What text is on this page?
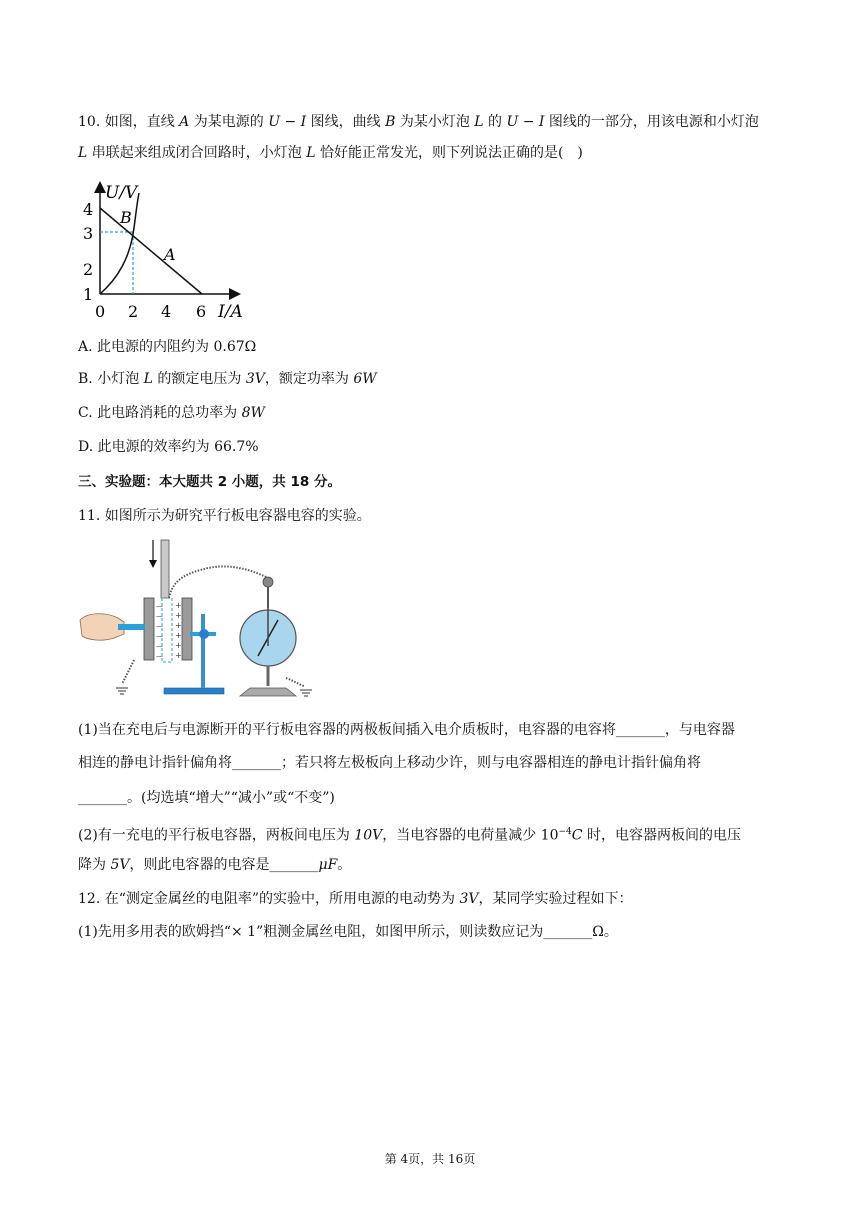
10. 如图，直线 A 为某电源的 U − I 图线，曲线 B 为某小灯泡 L 的 U − I 图线的一部分，用该电源和小灯泡
L 串联起来组成闭合回路时，小灯泡 L 恰好能正常发光，则下列说法正确的是(　)
U/V
I/A
B
A
4
3
2
1
0 2 4 6
A. 此电源的内阻约为 0.67Ω
B. 小灯泡 L 的额定电压为 3V，额定功率为 6W
C. 此电路消耗的总功率为 8W
D. 此电源的效率约为 66.7%
三、实验题：本大题共 2 小题，共 18 分。
11. 如图所示为研究平行板电容器电容的实验。
—
—
—
—
—
—
+
+
+
+
+
+
(1)当在充电后与电源断开的平行板电容器的两极板间插入电介质板时，电容器的电容将_______，与电容器
相连的静电计指针偏角将_______；若只将左极板向上移动少许，则与电容器相连的静电计指针偏角将
_______。(均选填“增大”“减小”或“不变”)
(2)有一充电的平行板电容器，两板间电压为 10V，当电容器的电荷量减少 $10^{-4}C$ 时，电容器两板间的电压
降为 5V，则此电容器的电容是_______μF。
12. 在“测定金属丝的电阻率”的实验中，所用电源的电动势为 3V，某同学实验过程如下：
(1)先用多用表的欧姆挡“× 1”粗测金属丝电阻，如图甲所示，则读数应记为_______Ω。
第 4页，共 16页
